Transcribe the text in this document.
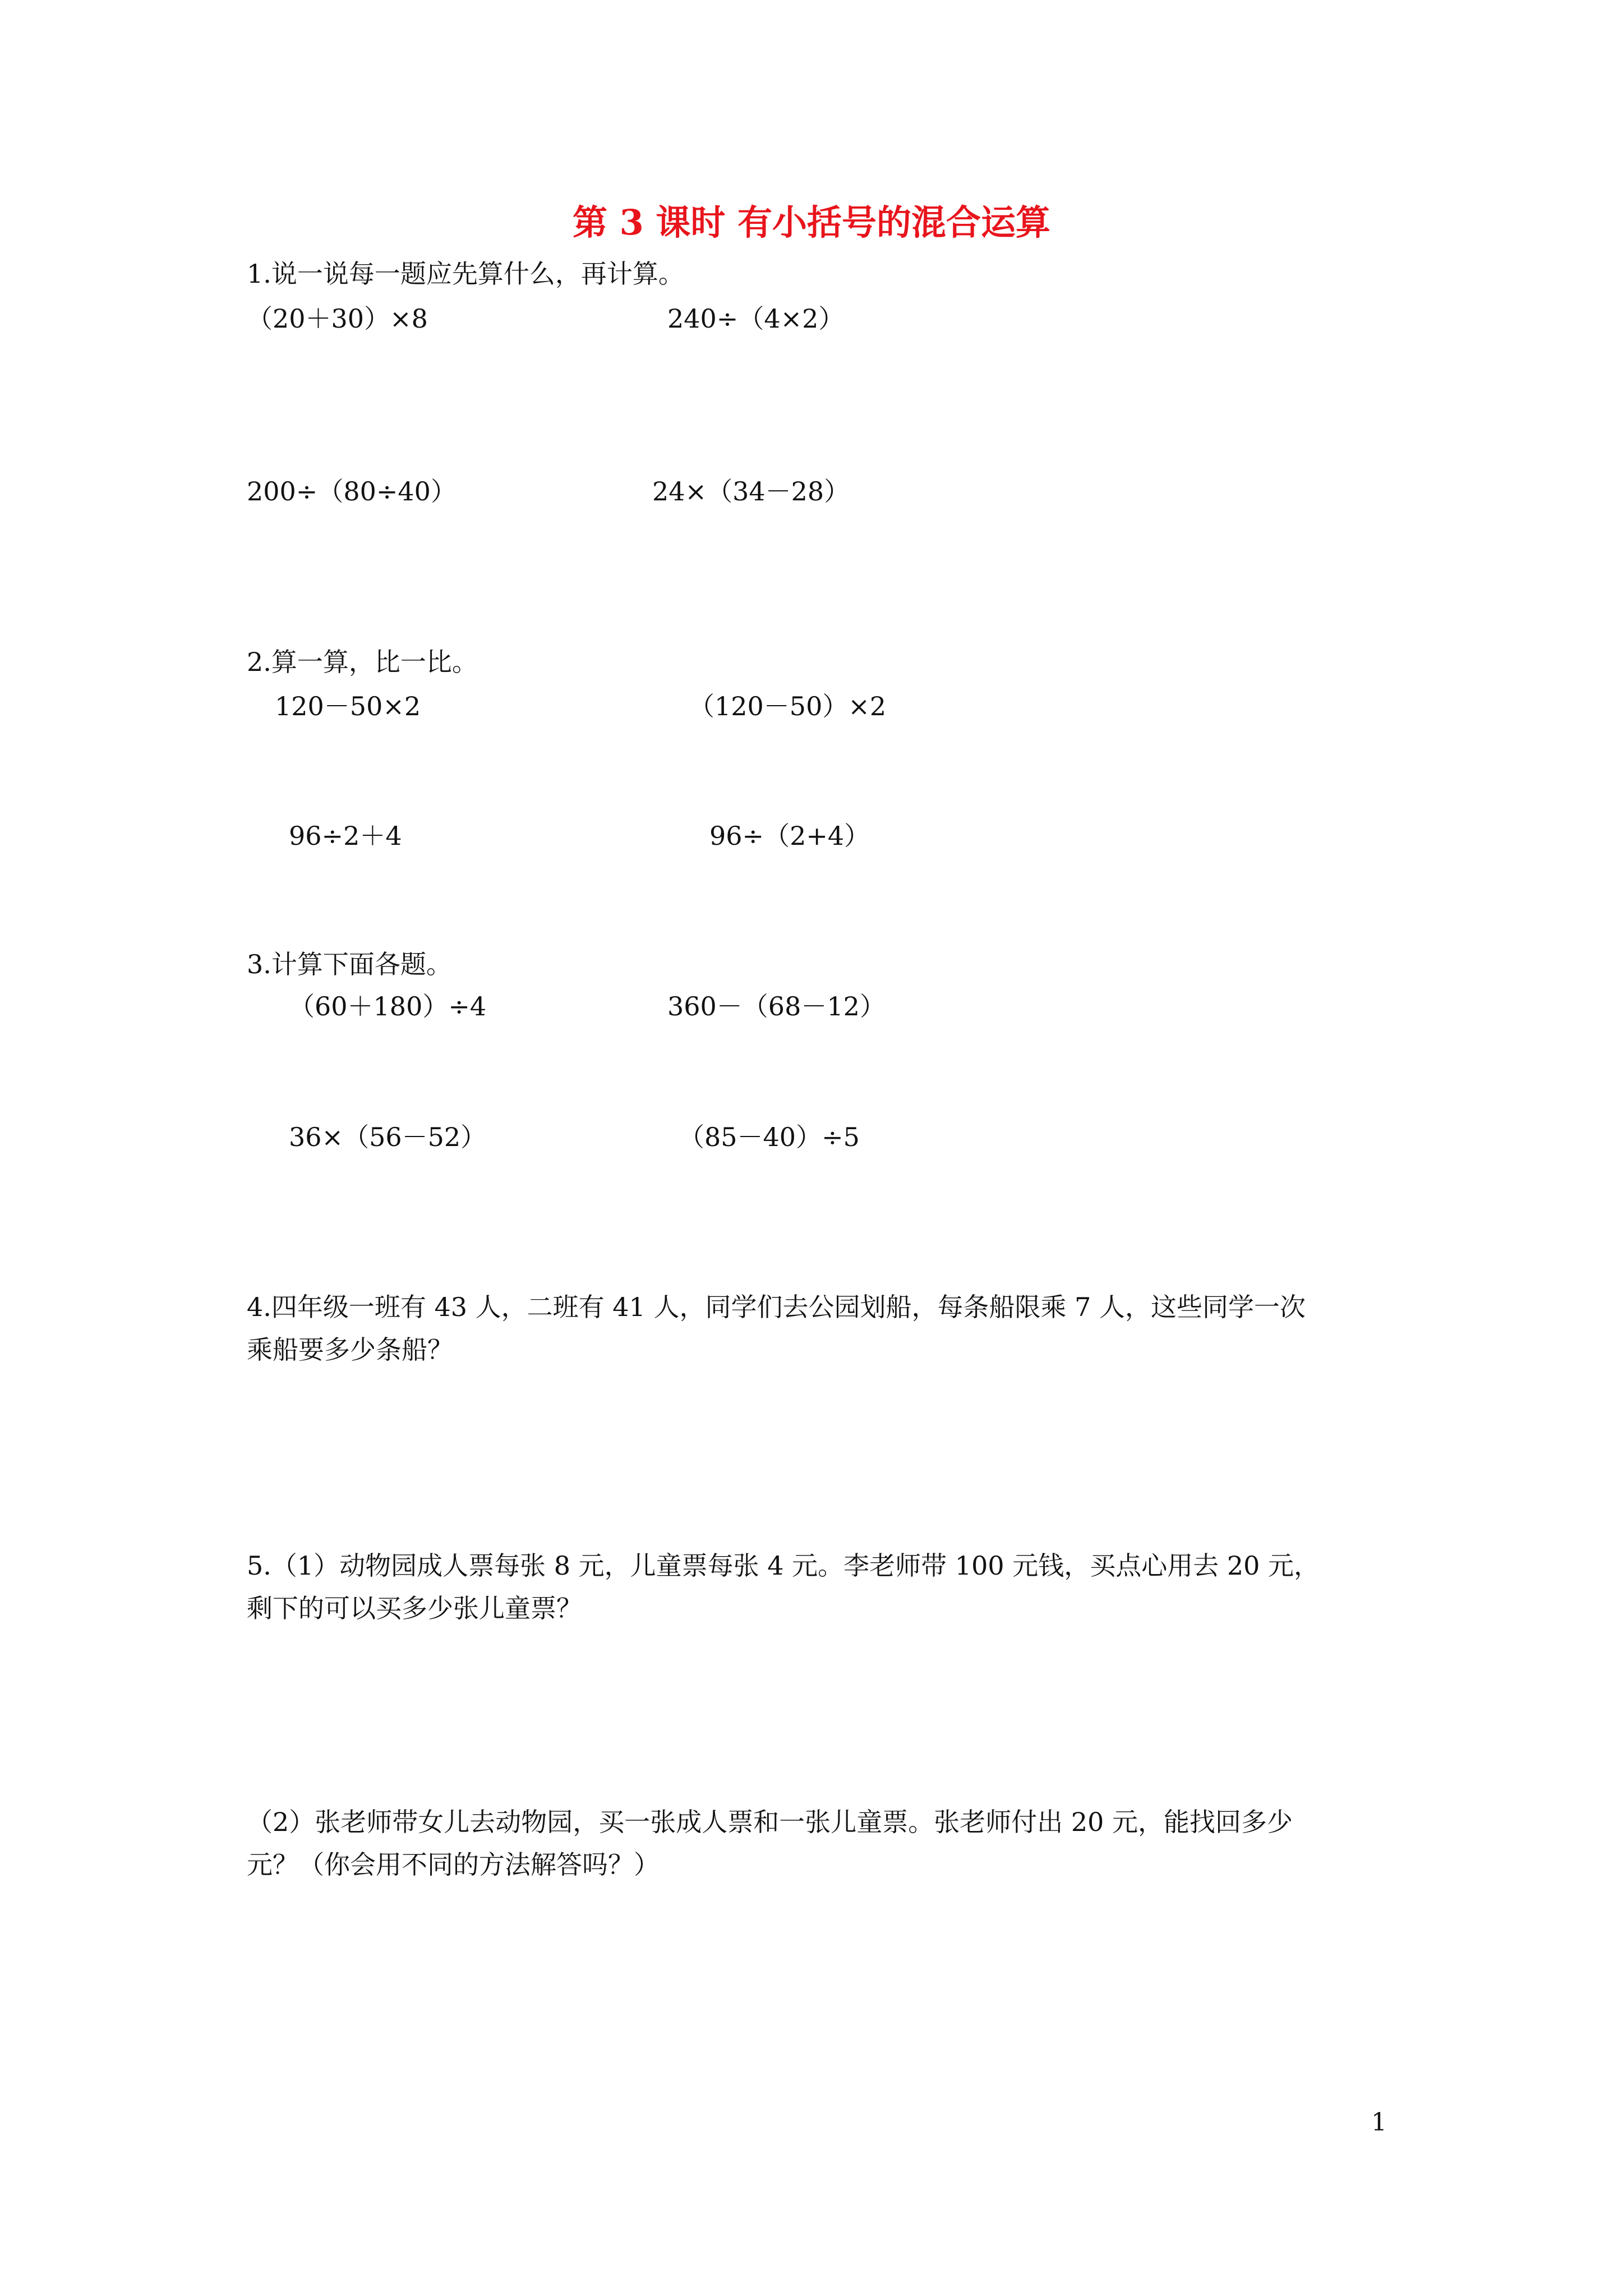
第 3 课时 有小括号的混合运算
1.说一说每一题应先算什么，再计算。
（20＋30）×8	240÷（4×2）
200÷（80÷40）	24×（34－28）
2.算一算，比一比。
120－50×2	（120－50）×2
96÷2＋4	96÷（2+4）
3.计算下面各题。
（60＋180）÷4	360－（68－12）
36×（56－52）	（85－40）÷5
4.四年级一班有 43 人，二班有 41 人，同学们去公园划船，每条船限乘 7 人，这些同学一次
乘船要多少条船？
5.（1）动物园成人票每张 8 元，儿童票每张 4 元。李老师带 100 元钱，买点心用去 20 元，
剩下的可以买多少张儿童票？
（2）张老师带女儿去动物园，买一张成人票和一张儿童票。张老师付出 20 元，能找回多少
元？（你会用不同的方法解答吗？）
1
